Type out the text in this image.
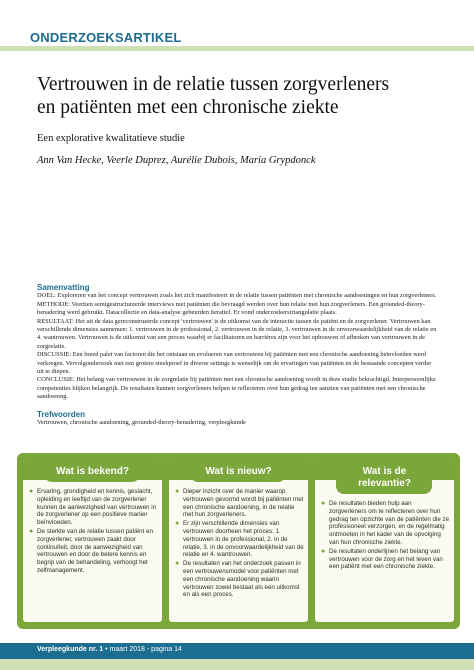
ONDERZOEKSARTIKEL
Vertrouwen in de relatie tussen zorgverleners
en patiënten met een chronische ziekte
Een explorative kwalitatieve studie
Ann Van Hecke, Veerle Duprez, Aurélie Dubois, Maria Grypdonck
Samenvatting

DOEL: Exploreren van het concept vertrouwen zoals het zich manifesteert in de relatie tussen patiënten met chronische aandoeningen en hun zorgverleners.

METHODE: Veertien semigestructureerde interviews met patiënten die bevraagd werden over hun relatie met hun zorgverleners. Een grounded-theory-benadering werd gebruikt. Datacollectie en data-analyse gebeurden iteratief. Er vond onderzoekerstriangulatie plaats.

RESULTAAT: Het uit de data gereconstrueerde concept 'vertrouwen' is de uitkomst van de interactie tussen de patiënt en de zorgverlener. Vertrouwen kan verschillende dimensies aannemen: 1. vertrouwen in de professional, 2. vertrouwen in de relatie, 3. vertrouwen in de onvoorwaardelijkheid van de relatie en 4. wantrouwen. Vertrouwen is de uitkomst van een proces waarbij er facilitatoren en barrières zijn voor het opbouwen of afbreken van vertrouwen in de zorgrelatie.

DISCUSSIE: Een breed palet van factoren die het ontstaan en evolueren van vertrouwen bij patiënten met een chronische aandoening beïnvloeden werd verkregen. Vervolgonderzoek met een grotere steekproef in diverse settings is wenselijk om de ervaringen van patiënten en de bestaande concepten verder uit te diepen.

CONCLUSIE: Het belang van vertrouwen in de zorgrelatie bij patiënten met een chronische aandoening wordt in deze studie bekrachtigd. Interpersoonlijke competenties blijken belangrijk. De resultaten kunnen zorgverleners helpen te reflecteren over hun gedrag ten aanzien van patiënten met een chronische aandoening.

Trefwoorden
Vertrouwen, chronische aandoening, grounded-theory-benadering, verpleegkunde
Wat is bekend?
● Ervaring, grondigheid en kennis, geslacht, opleiding en leeftijd van de zorgverlener kunnen de aanwezigheid van vertrouwen in de zorgverlener op een positieve manier beïnvloeden.
● De sterkte van de relatie tussen patiënt en zorgverlener, vertrouwen zaakt door continuïteit, door de aanwezigheid van vertrouwen en door de betere kennis en begrip van de behandeling, verhoogt het zelfmanagement.
Wat is nieuw?
● Dieper inzicht over de manier waarop vertrouwen gevormd wordt bij patiënten met een chronische aandoening, in de relatie met hun zorgverleners.
● Er zijn verschillende dimensies van vertrouwen doorheen het proces: 1. vertrouwen in de professional, 2. in de relatie, 3. in de onvoorwaardelijkheid van de relatie en 4. wantrouwen.
● De resultaten van het onderzoek passen in een vertrouwensmodel voor patiënten met een chronische aandoening waarin vertrouwen zowel bestaat als een uitkomst en als een proces.
Wat is de
relevantie?
● De resultaten bieden hulp aan zorgverleners om te reflecteren over hun gedrag ten opzichte van de patiënten die ze professioneel verzorgen, en de regelmatig ontmoeten in het kader van de opvolging van hun chronische ziekte.
● De resultaten onderlijnen het belang van vertrouwen voor de zorg en het leven van een patiënt met een chronische ziekte.
Verpleegkunde nr. 1 • maart 2018 - pagina 14
